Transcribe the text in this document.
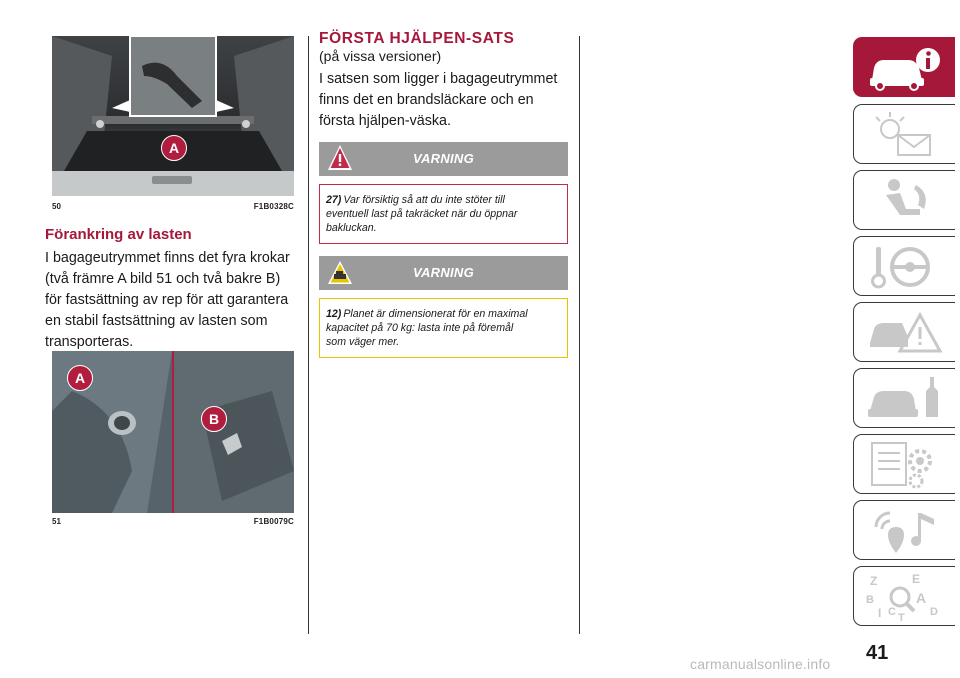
A
50	F1B0328C
Förankring av lasten
I bagageutrymmet finns det fyra krokar
(två främre A bild 51 och två bakre B)
för fastsättning av rep för att garantera
en stabil fastsättning av lasten som
transporteras.
A
B
51	F1B0079C
FÖRSTA HJÄLPEN-SATS
(på vissa versioner)
I satsen som ligger i bagageutrymmet
finns det en brandsläckare och en
första hjälpen-väska.
VARNING
27) Var försiktig så att du inte stöter till
eventuell last på takräcket när du öppnar
bakluckan.
VARNING
12) Planet är dimensionerat för en maximal
kapacitet på 70 kg: lasta inte på föremål
som väger mer.
Z	E
B	A
C
I T D
41
carmanualsonline.info
